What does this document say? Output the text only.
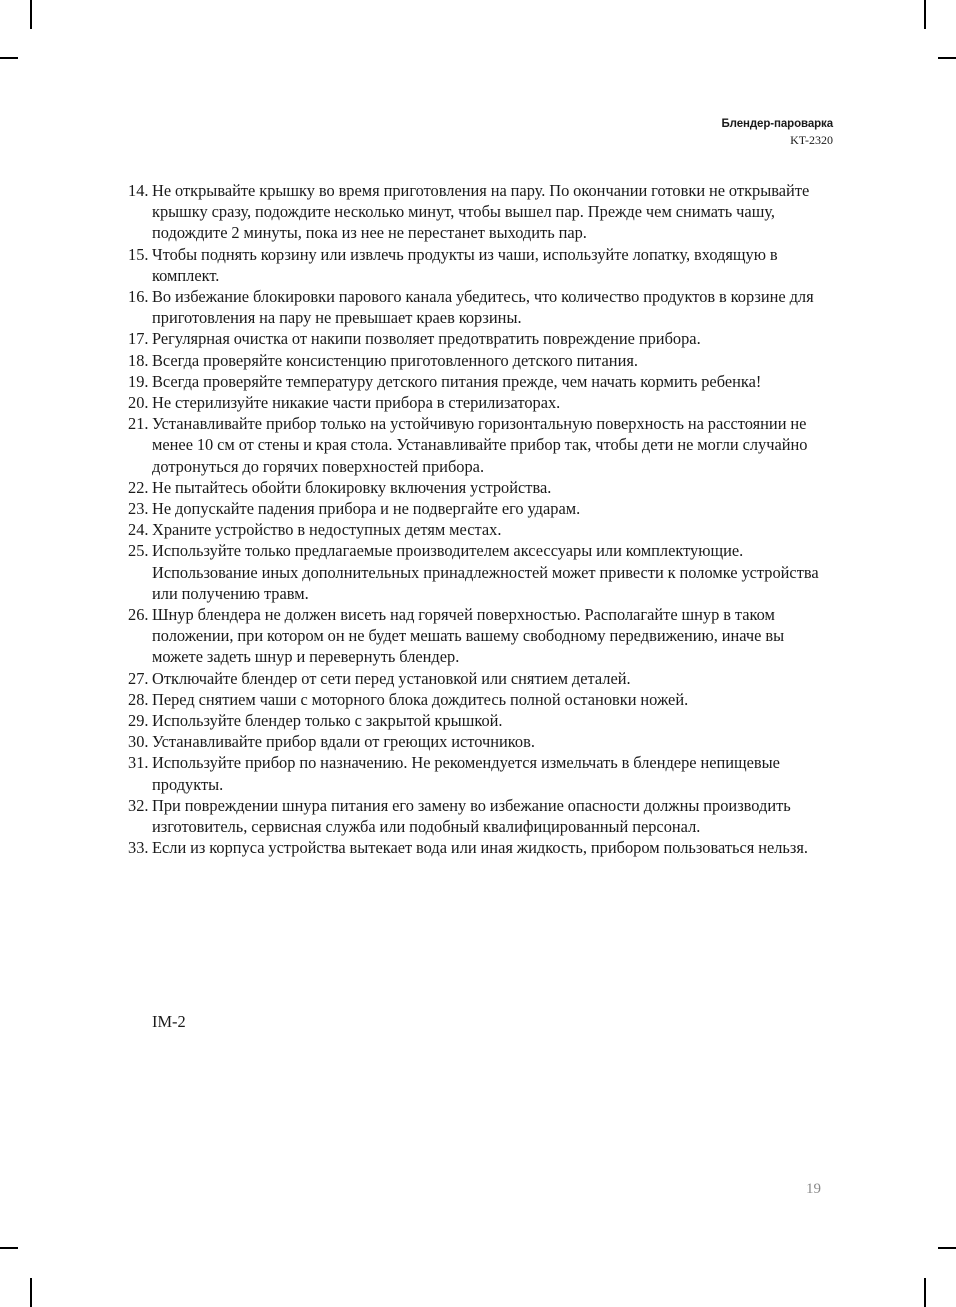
Блендер-пароварка
KT-2320
14. Не открывайте крышку во время приготовления на пару. По окончании готовки не открывайте крышку сразу, подождите несколько минут, чтобы вышел пар. Прежде чем снимать чашу, подождите 2 минуты, пока из нее не перестанет выходить пар.
15. Чтобы поднять корзину или извлечь продукты из чаши, используйте лопатку, входящую в комплект.
16. Во избежание блокировки парового канала убедитесь, что количество продуктов в корзине для приготовления на пару не превышает краев корзины.
17. Регулярная очистка от накипи позволяет предотвратить повреждение прибора.
18. Всегда проверяйте консистенцию приготовленного детского питания.
19. Всегда проверяйте температуру детского питания прежде, чем начать кормить ребенка!
20. Не стерилизуйте никакие части прибора в стерилизаторах.
21. Устанавливайте прибор только на устойчивую горизонтальную поверхность на расстоянии не менее 10 см от стены и края стола. Устанавливайте прибор так, чтобы дети не могли случайно дотронуться до горячих поверхностей прибора.
22. Не пытайтесь обойти блокировку включения устройства.
23. Не допускайте падения прибора и не подвергайте его ударам.
24. Храните устройство в недоступных детям местах.
25. Используйте только предлагаемые производителем аксессуары или комплектующие. Использование иных дополнительных принадлежностей может привести к поломке устройства или получению травм.
26. Шнур блендера не должен висеть над горячей поверхностью. Располагайте шнур в таком положении, при котором он не будет мешать вашему свободному передвижению, иначе вы можете задеть шнур и перевернуть блендер.
27. Отключайте блендер от сети перед установкой или снятием деталей.
28. Перед снятием чаши с моторного блока дождитесь полной остановки ножей.
29. Используйте блендер только с закрытой крышкой.
30. Устанавливайте прибор вдали от греющих источников.
31. Используйте прибор по назначению. Не рекомендуется измельчать в блендере непищевые продукты.
32. При повреждении шнура питания его замену во избежание опасности должны производить изготовитель, сервисная служба или подобный квалифицированный персонал.
33. Если из корпуса устройства вытекает вода или иная жидкость, прибором пользоваться нельзя.
IM-2
19
